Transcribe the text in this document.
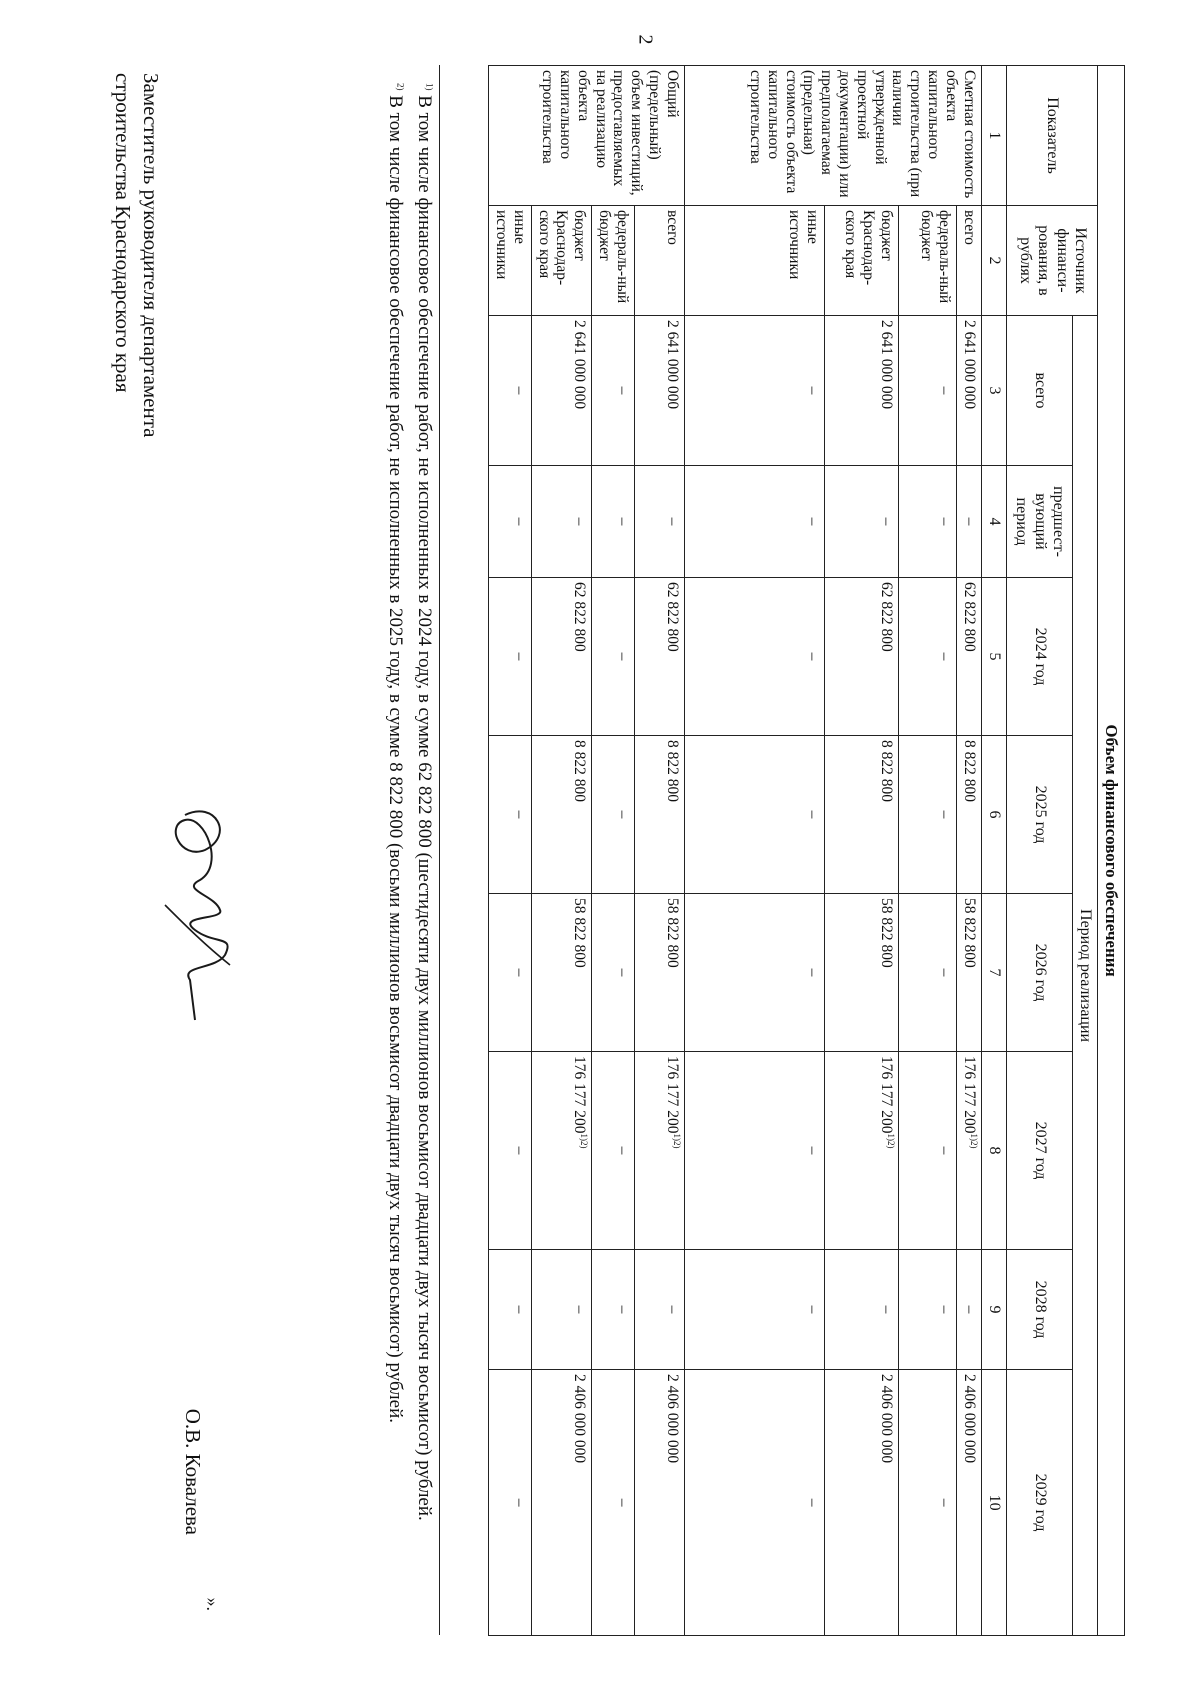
2
Объем финансового обеспечения									
Показатель	Источник финанси-рования, в рублях	Период реализации							
		всего	предшест-вующий период	2024 год	2025 год	2026 год	2027 год	2028 год	2029 год
1	2	3	4	5	6	7	8	9	10
Сметная стоимость объекта капитального строительства (при наличии утвержденной проектной документации) или предполагаемая (предельная) стоимость объекта капитального строительства	всего	2 641 000 000	–	62 822 800	8 822 800	58 822 800	176 177 $200^{1)2)}$	–	2 406 000 000
	федераль-ный бюджет	–	–	–	–	–	–	–	–
	бюджет Краснодар-ского края	2 641 000 000	–	62 822 800	8 822 800	58 822 800	176 177 $200^{1)2)}$	–	2 406 000 000
	иные источники	–	–	–	–	–	–	–	–
Общий (предельный) объем инвестиций, предоставляемых на реализацию объекта капитального строительства	всего	2 641 000 000	–	62 822 800	8 822 800	58 822 800	176 177 $200^{1)2)}$	–	2 406 000 000
	федераль-ный бюджет	–	–	–	–	–	–	–	–
	бюджет Краснодар-ского края	2 641 000 000	–	62 822 800	8 822 800	58 822 800	176 177 $200^{1)2)}$	–	2 406 000 000
	иные источники	–	–	–	–	–	–	–	–

$^{1)}$ В том числе финансовое обеспечение работ, не исполненных в 2024 году, в сумме 62 822 800 (шестидесяти двух миллионов восьмисот двадцати двух тысяч восьмисот) рублей.

$^{2)}$ В том числе финансовое обеспечение работ, не исполненных в 2025 году, в сумме 8 822 800 (восьми миллионов восьмисот двадцати двух тысяч восьмисот) рублей.

».
Заместитель руководителя департамента
строительства Краснодарского края
О.В. Ковалева
